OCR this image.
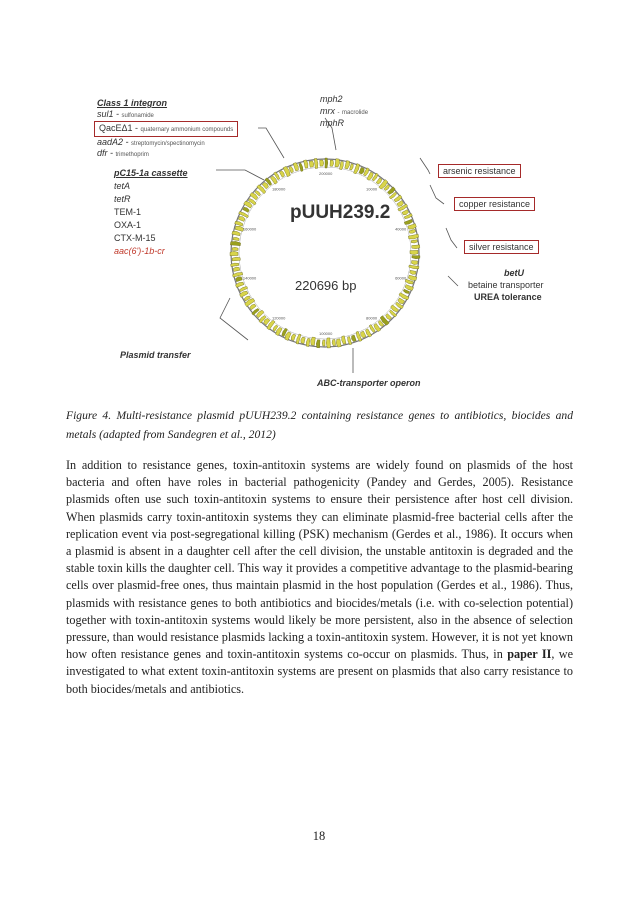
200000
10000
40000
60000
80000
100000
120000
140000
160000
180000
Class 1 integron
sul1 - sulfonamide
QacEΔ1 - quaternary ammonium compounds
aadA2 - streptomycin/spectinomycin
dfr - trimethoprim
pC15-1a cassette
tetA
tetR
TEM-1
OXA-1
CTX-M-15
aac(6')-1b-cr
Plasmid transfer
mph2
mrx - macrolide
mphR
arsenic resistance
copper resistance
silver resistance
betU
betaine transporter
UREA tolerance
ABC-transporter operon
pUUH239.2
220696 bp
Figure 4. Multi-resistance plasmid pUUH239.2 containing resistance genes to antibiotics, biocides and metals (adapted from Sandegren et al., 2012)
In addition to resistance genes, toxin-antitoxin systems are widely found on plasmids of the host bacteria and often have roles in bacterial pathogenicity (Pandey and Gerdes, 2005). Resistance plasmids often use such toxin-antitoxin systems to ensure their persistence after host cell division. When plasmids carry toxin-antitoxin systems they can eliminate plasmid-free bacterial cells after the replication event via post-segregational killing (PSK) mechanism (Gerdes et al., 1986). It occurs when a plasmid is absent in a daughter cell after the cell division, the unstable antitoxin is degraded and the stable toxin kills the daughter cell. This way it provides a competitive advantage to the plasmid-bearing cells over plasmid-free ones, thus maintain plasmid in the host population (Gerdes et al., 1986). Thus, plasmids with resistance genes to both antibiotics and biocides/metals (i.e. with co-selection potential) together with toxin-antitoxin systems would likely be more persistent, also in the absence of selection pressure, than would resistance plasmids lacking a toxin-antitoxin system. However, it is not yet known how often resistance genes and toxin-antitoxin systems co-occur on plasmids. Thus, in paper II, we investigated to what extent toxin-antitoxin systems are present on plasmids that also carry resistance to both biocides/metals and antibiotics.
18
